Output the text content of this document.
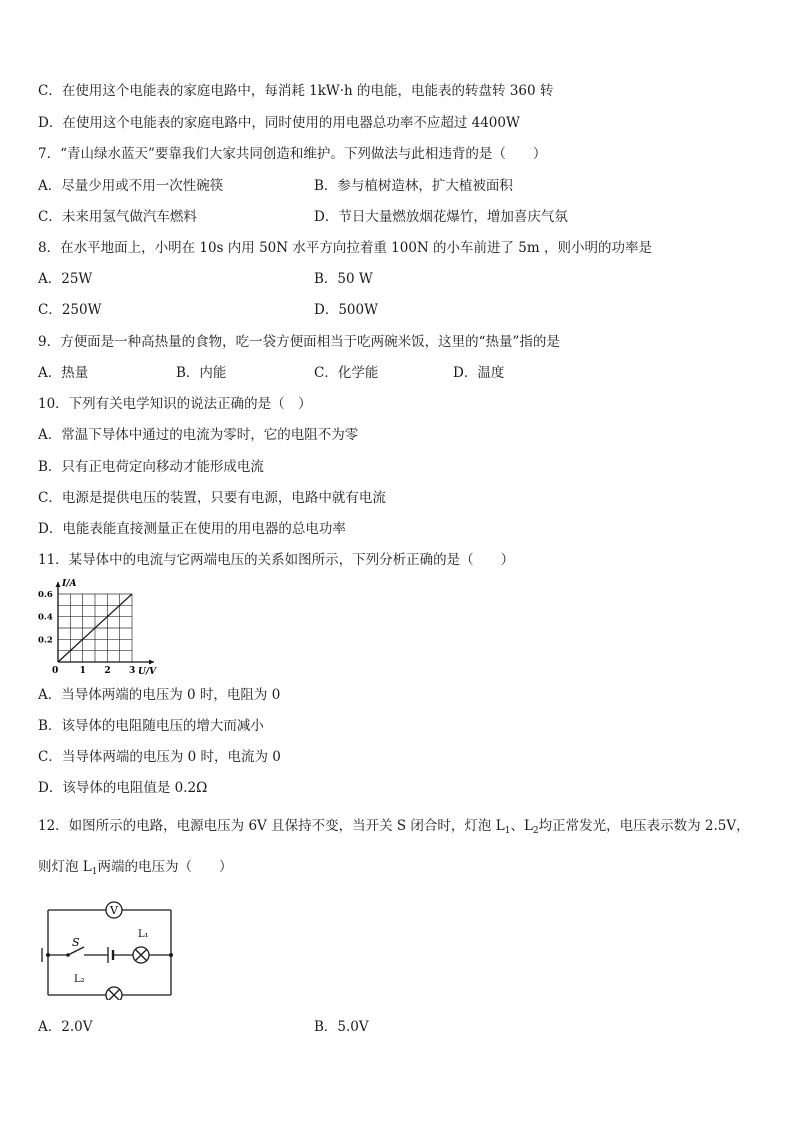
C．在使用这个电能表的家庭电路中，每消耗 1kW·h 的电能，电能表的转盘转 360 转
D．在使用这个电能表的家庭电路中，同时使用的用电器总功率不应超过 4400W
7．“青山绿水蓝天”要靠我们大家共同创造和维护。下列做法与此相违背的是（　　）
A．尽量少用或不用一次性碗筷	B．参与植树造林，扩大植被面积
C．未来用氢气做汽车燃料	D．节日大量燃放烟花爆竹，增加喜庆气氛
8．在水平地面上，小明在 10s 内用 50N 水平方向拉着重 100N 的小车前进了 5m ，则小明的功率是
A．25W	B．50 W
C．250W	D．500W
9．方便面是一种高热量的食物，吃一袋方便面相当于吃两碗米饭，这里的“热量”指的是
A．热量	B．内能	C．化学能	D．温度
10．下列有关电学知识的说法正确的是（　）
A．常温下导体中通过的电流为零时，它的电阻不为零
B．只有正电荷定向移动才能形成电流
C．电源是提供电压的装置，只要有电源，电路中就有电流
D．电能表能直接测量正在使用的用电器的总电功率
11．某导体中的电流与它两端电压的关系如图所示，下列分析正确的是（　　）
0 1 2 3
0.2
0.4
0.6
I/A
U/V
A．当导体两端的电压为 0 时，电阻为 0
B．该导体的电阻随电压的增大而减小
C．当导体两端的电压为 0 时，电流为 0
D．该导体的电阻值是 0.2Ω
12．如图所示的电路，电源电压为 6V 且保持不变，当开关 S 闭合时，灯泡 $L_1$、$L_2$均正常发光，电压表示数为 2.5V，
则灯泡 $L_1$两端的电压为（　　）
V
S
L₁
L₂
A．2.0V	B．5.0V
